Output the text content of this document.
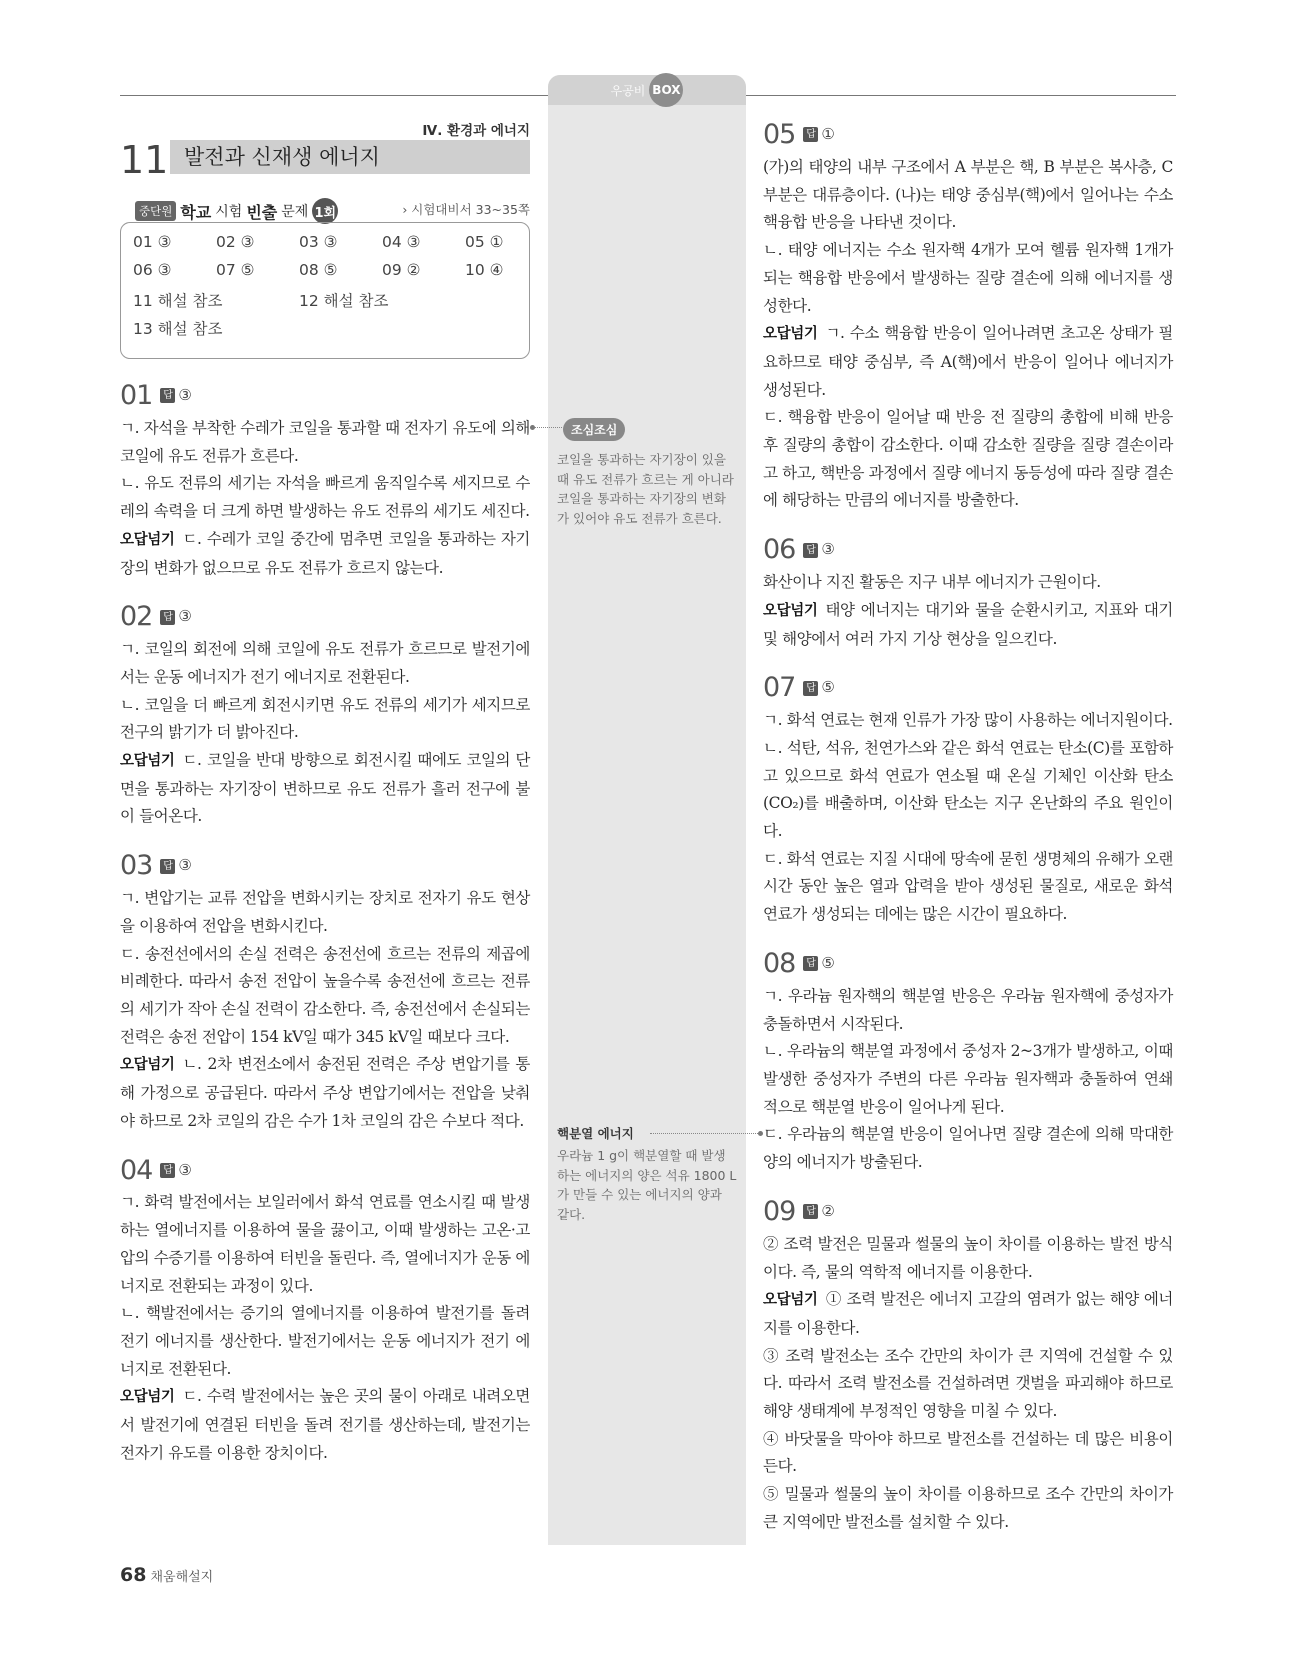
우공비 BOX
Ⅳ. 환경과 에너지
11 발전과 신재생 에너지
중단원 학교 시험 빈출 문제 1회	› 시험대비서 33~35쪽
01 ③	02 ③	03 ③	04 ③	05 ①
06 ③	07 ⑤	08 ⑤	09 ②	10 ④
11 해설 참조	12 해설 참조
13 해설 참조
01 답 ③

ㄱ. 자석을 부착한 수레가 코일을 통과할 때 전자기 유도에 의해 코일에 유도 전류가 흐른다.

ㄴ. 유도 전류의 세기는 자석을 빠르게 움직일수록 세지므로 수레의 속력을 더 크게 하면 발생하는 유도 전류의 세기도 세진다.

오답넘기 ㄷ. 수레가 코일 중간에 멈추면 코일을 통과하는 자기장의 변화가 없으므로 유도 전류가 흐르지 않는다.

02 답 ③

ㄱ. 코일의 회전에 의해 코일에 유도 전류가 흐르므로 발전기에서는 운동 에너지가 전기 에너지로 전환된다.

ㄴ. 코일을 더 빠르게 회전시키면 유도 전류의 세기가 세지므로 전구의 밝기가 더 밝아진다.

오답넘기 ㄷ. 코일을 반대 방향으로 회전시킬 때에도 코일의 단면을 통과하는 자기장이 변하므로 유도 전류가 흘러 전구에 불이 들어온다.

03 답 ③

ㄱ. 변압기는 교류 전압을 변화시키는 장치로 전자기 유도 현상을 이용하여 전압을 변화시킨다.

ㄷ. 송전선에서의 손실 전력은 송전선에 흐르는 전류의 제곱에 비례한다. 따라서 송전 전압이 높을수록 송전선에 흐르는 전류의 세기가 작아 손실 전력이 감소한다. 즉, 송전선에서 손실되는 전력은 송전 전압이 154 kV일 때가 345 kV일 때보다 크다.

오답넘기 ㄴ. 2차 변전소에서 송전된 전력은 주상 변압기를 통해 가정으로 공급된다. 따라서 주상 변압기에서는 전압을 낮춰야 하므로 2차 코일의 감은 수가 1차 코일의 감은 수보다 적다.

04 답 ③

ㄱ. 화력 발전에서는 보일러에서 화석 연료를 연소시킬 때 발생하는 열에너지를 이용하여 물을 끓이고, 이때 발생하는 고온·고압의 수증기를 이용하여 터빈을 돌린다. 즉, 열에너지가 운동 에너지로 전환되는 과정이 있다.

ㄴ. 핵발전에서는 증기의 열에너지를 이용하여 발전기를 돌려 전기 에너지를 생산한다. 발전기에서는 운동 에너지가 전기 에너지로 전환된다.

오답넘기 ㄷ. 수력 발전에서는 높은 곳의 물이 아래로 내려오면서 발전기에 연결된 터빈을 돌려 전기를 생산하는데, 발전기는 전자기 유도를 이용한 장치이다.

05 답 ①

(가)의 태양의 내부 구조에서 A 부분은 핵, B 부분은 복사층, C 부분은 대류층이다. (나)는 태양 중심부(핵)에서 일어나는 수소 핵융합 반응을 나타낸 것이다.

ㄴ. 태양 에너지는 수소 원자핵 4개가 모여 헬륨 원자핵 1개가 되는 핵융합 반응에서 발생하는 질량 결손에 의해 에너지를 생성한다.

오답넘기 ㄱ. 수소 핵융합 반응이 일어나려면 초고온 상태가 필요하므로 태양 중심부, 즉 A(핵)에서 반응이 일어나 에너지가 생성된다.

ㄷ. 핵융합 반응이 일어날 때 반응 전 질량의 총합에 비해 반응 후 질량의 총합이 감소한다. 이때 감소한 질량을 질량 결손이라고 하고, 핵반응 과정에서 질량 에너지 동등성에 따라 질량 결손에 해당하는 만큼의 에너지를 방출한다.

06 답 ③

화산이나 지진 활동은 지구 내부 에너지가 근원이다.

오답넘기 태양 에너지는 대기와 물을 순환시키고, 지표와 대기 및 해양에서 여러 가지 기상 현상을 일으킨다.

07 답 ⑤

ㄱ. 화석 연료는 현재 인류가 가장 많이 사용하는 에너지원이다.

ㄴ. 석탄, 석유, 천연가스와 같은 화석 연료는 탄소(C)를 포함하고 있으므로 화석 연료가 연소될 때 온실 기체인 이산화 탄소(CO₂)를 배출하며, 이산화 탄소는 지구 온난화의 주요 원인이다.

ㄷ. 화석 연료는 지질 시대에 땅속에 묻힌 생명체의 유해가 오랜 시간 동안 높은 열과 압력을 받아 생성된 물질로, 새로운 화석 연료가 생성되는 데에는 많은 시간이 필요하다.

08 답 ⑤

ㄱ. 우라늄 원자핵의 핵분열 반응은 우라늄 원자핵에 중성자가 충돌하면서 시작된다.

ㄴ. 우라늄의 핵분열 과정에서 중성자 2~3개가 발생하고, 이때 발생한 중성자가 주변의 다른 우라늄 원자핵과 충돌하여 연쇄적으로 핵분열 반응이 일어나게 된다.

ㄷ. 우라늄의 핵분열 반응이 일어나면 질량 결손에 의해 막대한 양의 에너지가 방출된다.

09 답 ②

② 조력 발전은 밀물과 썰물의 높이 차이를 이용하는 발전 방식이다. 즉, 물의 역학적 에너지를 이용한다.

오답넘기 ① 조력 발전은 에너지 고갈의 염려가 없는 해양 에너지를 이용한다.

③ 조력 발전소는 조수 간만의 차이가 큰 지역에 건설할 수 있다. 따라서 조력 발전소를 건설하려면 갯벌을 파괴해야 하므로 해양 생태계에 부정적인 영향을 미칠 수 있다.

④ 바닷물을 막아야 하므로 발전소를 건설하는 데 많은 비용이 든다.

⑤ 밀물과 썰물의 높이 차이를 이용하므로 조수 간만의 차이가 큰 지역에만 발전소를 설치할 수 있다.

조심조심
코일을 통과하는 자기장이 있을 때 유도 전류가 흐르는 게 아니라 코일을 통과하는 자기장의 변화가 있어야 유도 전류가 흐른다.
핵분열 에너지
우라늄 1 g이 핵분열할 때 발생하는 에너지의 양은 석유 1800 L가 만들 수 있는 에너지의 양과 같다.
68 채움해설지
